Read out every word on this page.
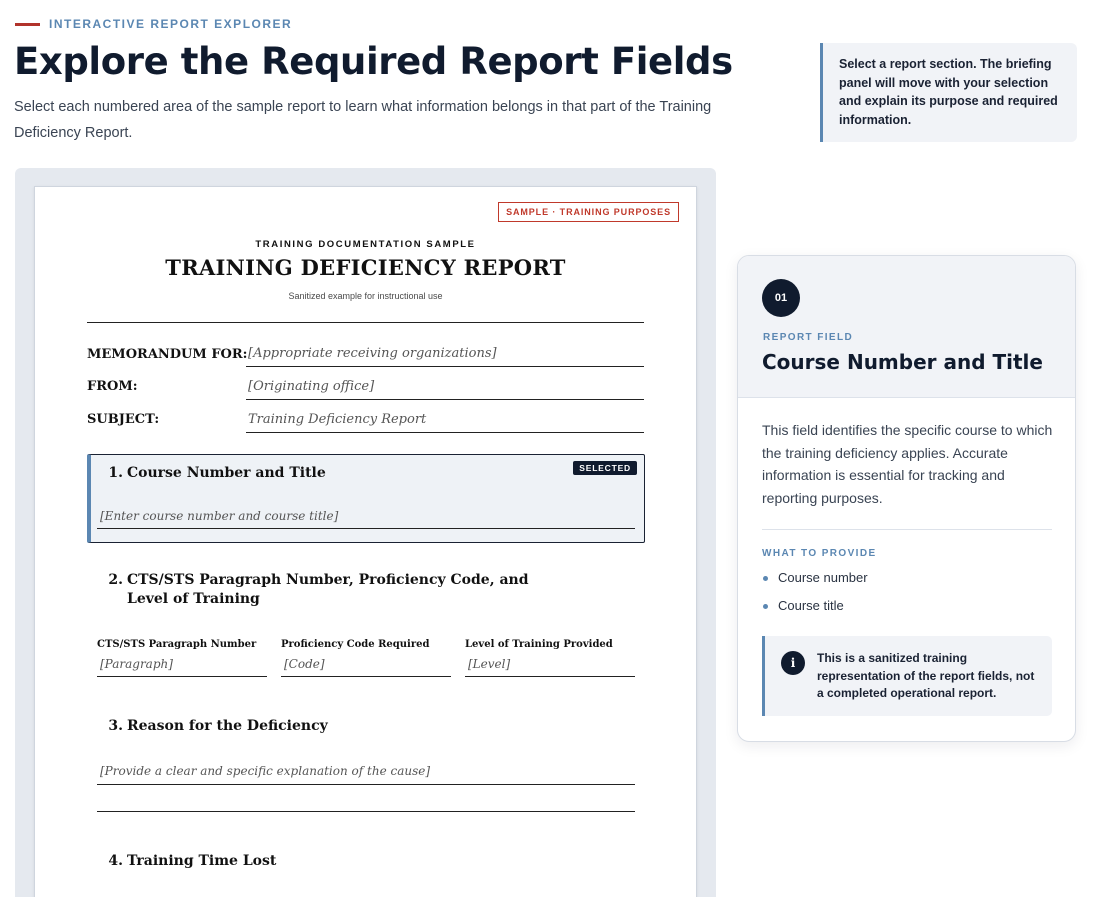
INTERACTIVE REPORT EXPLORER
Explore the Required Report Fields

Select each numbered area of the sample report to learn what information belongs in that part of the Training Deficiency Report.

Select a report section. The briefing panel will move with your selection and explain its purpose and required information.
SAMPLE · TRAINING PURPOSES
TRAINING DOCUMENTATION SAMPLE
TRAINING DEFICIENCY REPORT
Sanitized example for instructional use
MEMORANDUM FOR: [Appropriate receiving organizations]
FROM:	[Originating office]
SUBJECT:	Training Deficiency Report
SELECTED
1. Course Number and Title
[Enter course number and course title]
2. CTS/STS Paragraph Number, Proficiency Code, and Level of Training
CTS/STS Paragraph Number
[Paragraph]
Proficiency Code Required
[Code]
Level of Training Provided
[Level]
3. Reason for the Deficiency
[Provide a clear and specific explanation of the cause]
4. Training Time Lost
01
REPORT FIELD
Course Number and Title

This field identifies the specific course to which the training deficiency applies. Accurate information is essential for tracking and reporting purposes.

WHAT TO PROVIDE
Course number
Course title
i	This is a sanitized training representation of the report fields, not a completed operational report.
